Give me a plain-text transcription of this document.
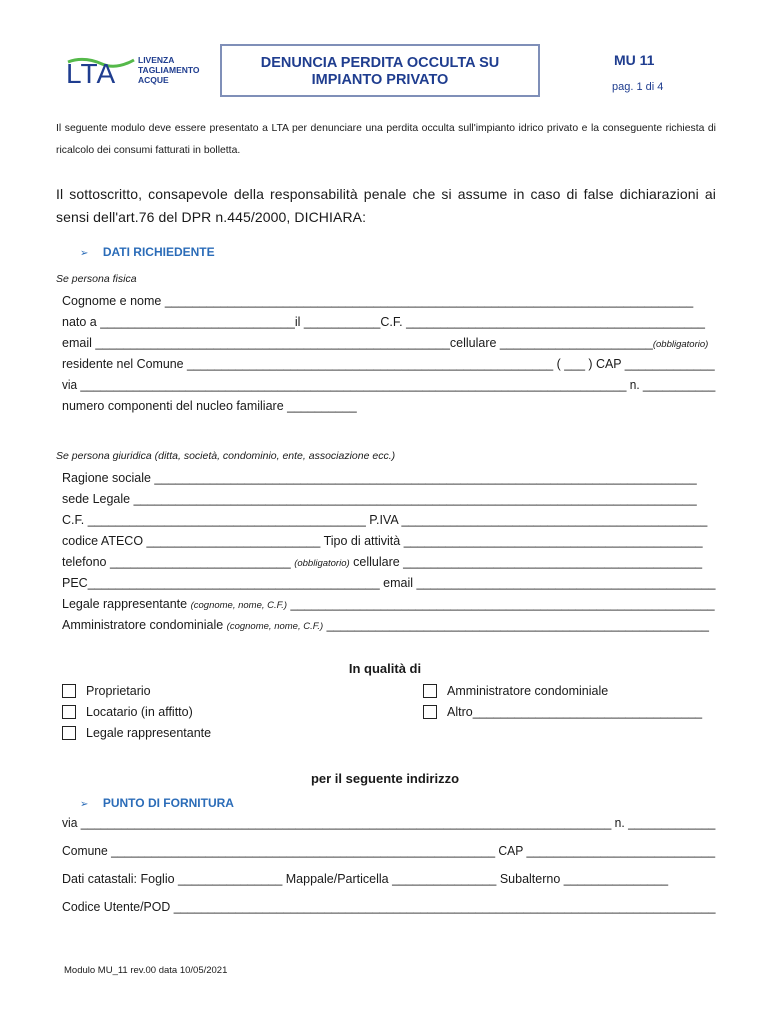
LTA	LIVENZA
TAGLIAMENTO
ACQUE
DENUNCIA PERDITA OCCULTA SU
IMPIANTO PRIVATO
MU 11
pag. 1 di 4
Il seguente modulo deve essere presentato a LTA per denunciare una perdita occulta sull'impianto idrico privato e la conseguente richiesta di ricalcolo dei consumi fatturati in bolletta.
Il sottoscritto, consapevole della responsabilità penale che si assume in caso di false dichiarazioni ai sensi dell'art.76 del DPR n.445/2000, DICHIARA:
➢ DATI RICHIEDENTE
Se persona fisica
Cognome e nome ____________________________________________________________________________
nato a ____________________________il ___________C.F. ___________________________________________
email ___________________________________________________cellulare ______________________(obbligatorio)
residente nel Comune _____________________________________________________ ( ___ ) CAP _____________
via ___________________________________________________________________________________ n. ___________
numero componenti del nucleo familiare __________
Se persona giuridica (ditta, società, condominio, ente, associazione ecc.)
Ragione sociale ______________________________________________________________________________
sede Legale _________________________________________________________________________________
C.F. ________________________________________ P.IVA ____________________________________________
codice ATECO _________________________ Tipo di attività ___________________________________________
telefono __________________________ (obbligatorio) cellulare ___________________________________________
PEC__________________________________________ email ___________________________________________
Legale rappresentante (cognome, nome, C.F.) _____________________________________________________________
Amministratore condominiale (cognome, nome, C.F.) _______________________________________________________
In qualità di
Proprietario
Locatario (in affitto)
Legale rappresentante
Amministratore condominiale
Altro_________________________________
per il seguente indirizzo
➢ PUNTO DI FORNITURA
via _______________________________________________________________________________ n. _____________
Comune _________________________________________________________ CAP ____________________________
Dati catastali: Foglio _______________ Mappale/Particella _______________ Subalterno _______________
Codice Utente/POD _______________________________________________________________________________
Modulo MU_11 rev.00 data 10/05/2021
